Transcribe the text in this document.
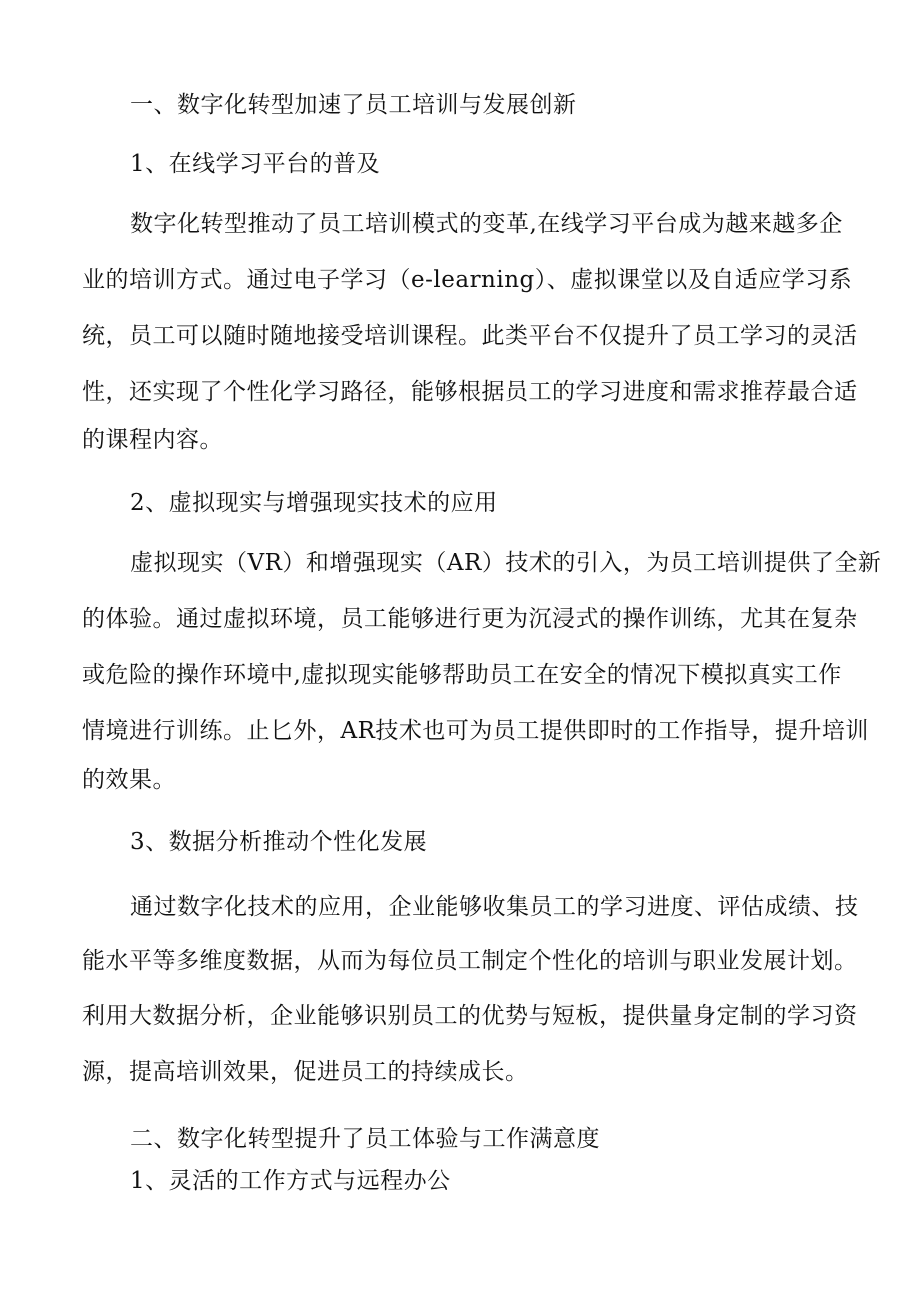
一、数字化转型加速了员工培训与发展创新
1、在线学习平台的普及
数字化转型推动了员工培训模式的变革,在线学习平台成为越来越多企
业的培训方式。通过电子学习（e-learning）、虚拟课堂以及自适应学习系
统，员工可以随时随地接受培训课程。此类平台不仅提升了员工学习的灵活
性，还实现了个性化学习路径，能够根据员工的学习进度和需求推荐最合适
的课程内容。
2、虚拟现实与增强现实技术的应用
虚拟现实（VR）和增强现实（AR）技术的引入，为员工培训提供了全新
的体验。通过虚拟环境，员工能够进行更为沉浸式的操作训练，尤其在复杂
或危险的操作环境中,虚拟现实能够帮助员工在安全的情况下模拟真实工作
情境进行训练。止匕外，AR技术也可为员工提供即时的工作指导，提升培训
的效果。
3、数据分析推动个性化发展
通过数字化技术的应用，企业能够收集员工的学习进度、评估成绩、技
能水平等多维度数据，从而为每位员工制定个性化的培训与职业发展计划。
利用大数据分析，企业能够识别员工的优势与短板，提供量身定制的学习资
源，提高培训效果，促进员工的持续成长。
二、数字化转型提升了员工体验与工作满意度
1、灵活的工作方式与远程办公
